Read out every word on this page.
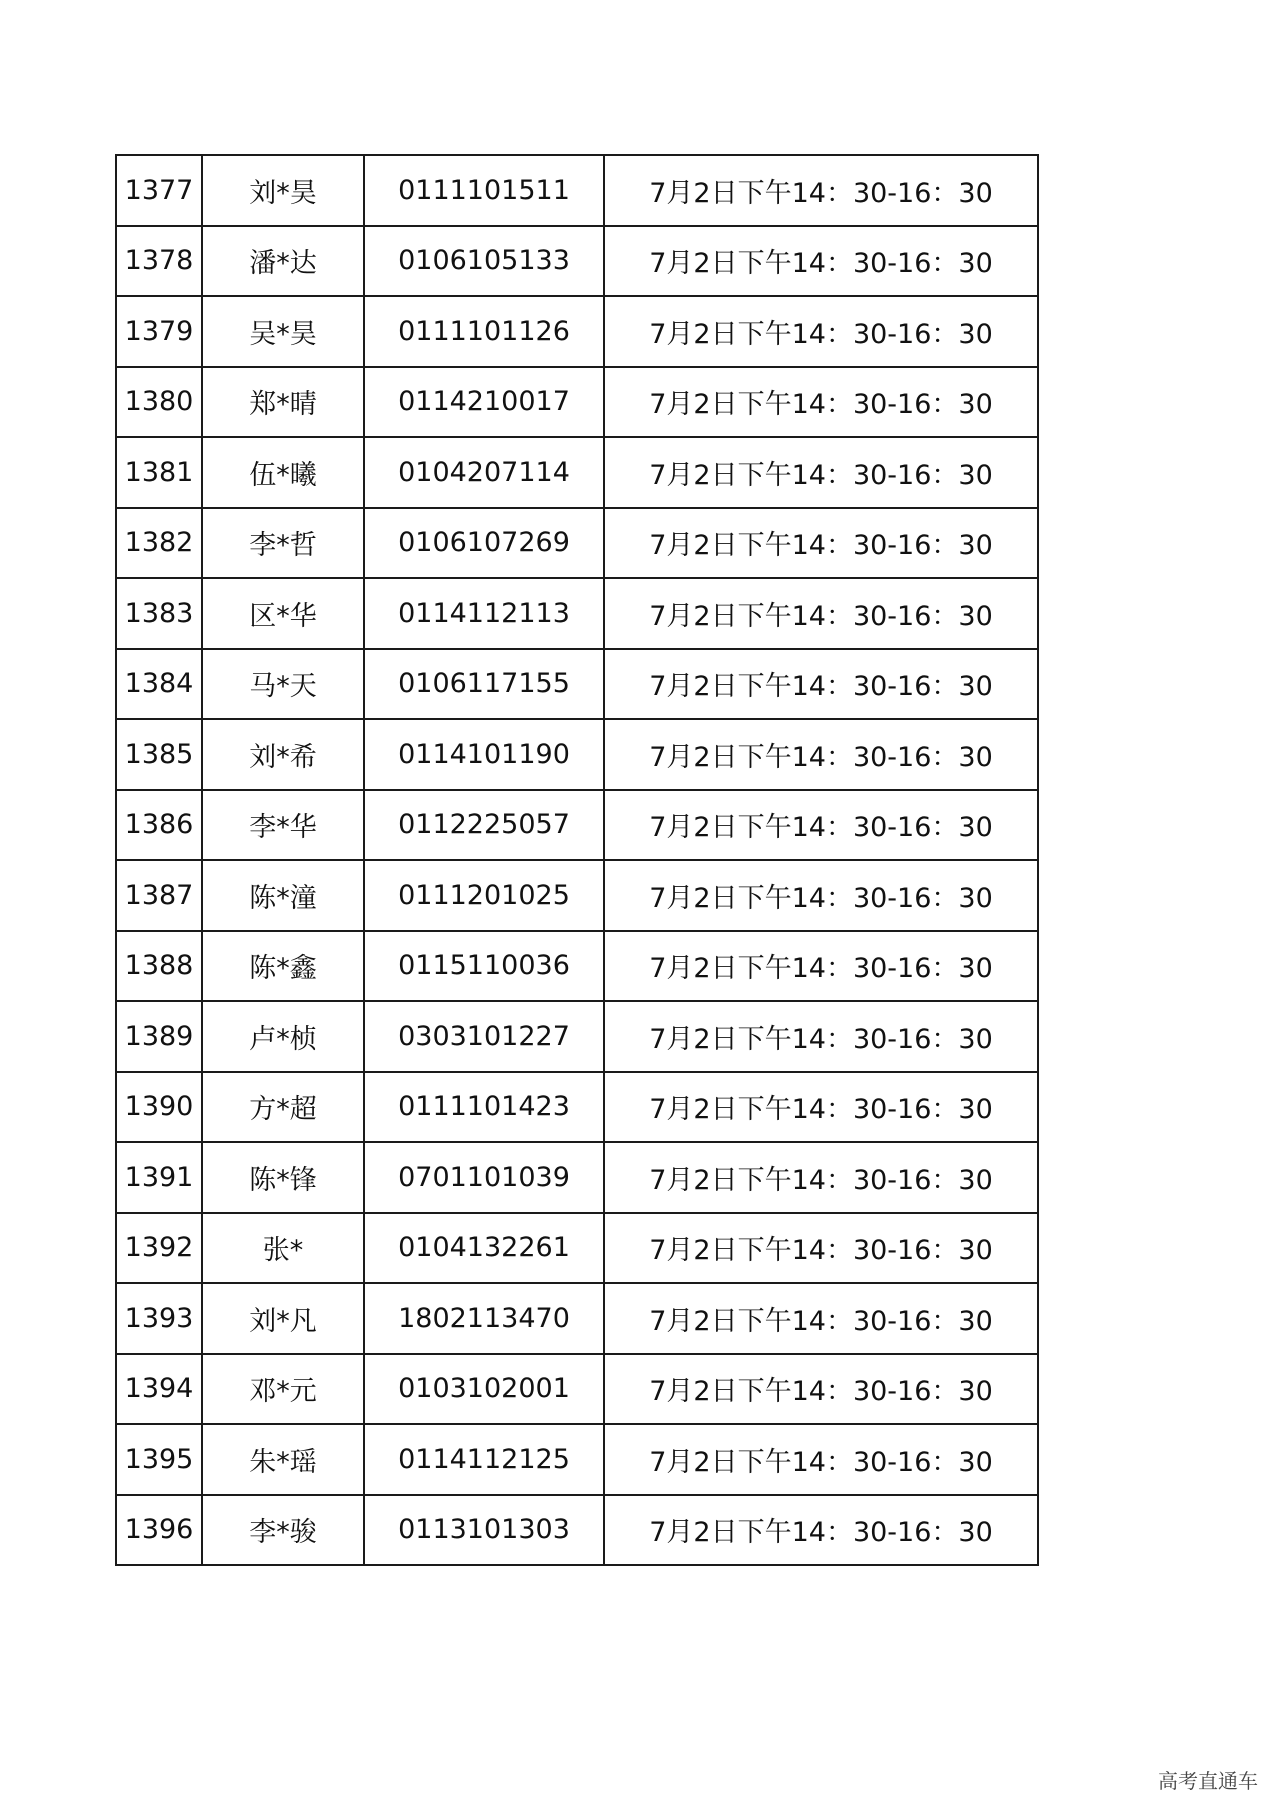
1377	刘*昊	0111101511	7月2日下午14：30-16：30
1378	潘*达	0106105133	7月2日下午14：30-16：30
1379	吴*昊	0111101126	7月2日下午14：30-16：30
1380	郑*晴	0114210017	7月2日下午14：30-16：30
1381	伍*曦	0104207114	7月2日下午14：30-16：30
1382	李*哲	0106107269	7月2日下午14：30-16：30
1383	区*华	0114112113	7月2日下午14：30-16：30
1384	马*天	0106117155	7月2日下午14：30-16：30
1385	刘*希	0114101190	7月2日下午14：30-16：30
1386	李*华	0112225057	7月2日下午14：30-16：30
1387	陈*潼	0111201025	7月2日下午14：30-16：30
1388	陈*鑫	0115110036	7月2日下午14：30-16：30
1389	卢*桢	0303101227	7月2日下午14：30-16：30
1390	方*超	0111101423	7月2日下午14：30-16：30
1391	陈*锋	0701101039	7月2日下午14：30-16：30
1392	张*	0104132261	7月2日下午14：30-16：30
1393	刘*凡	1802113470	7月2日下午14：30-16：30
1394	邓*元	0103102001	7月2日下午14：30-16：30
1395	朱*瑶	0114112125	7月2日下午14：30-16：30
1396	李*骏	0113101303	7月2日下午14：30-16：30
高考直通车
